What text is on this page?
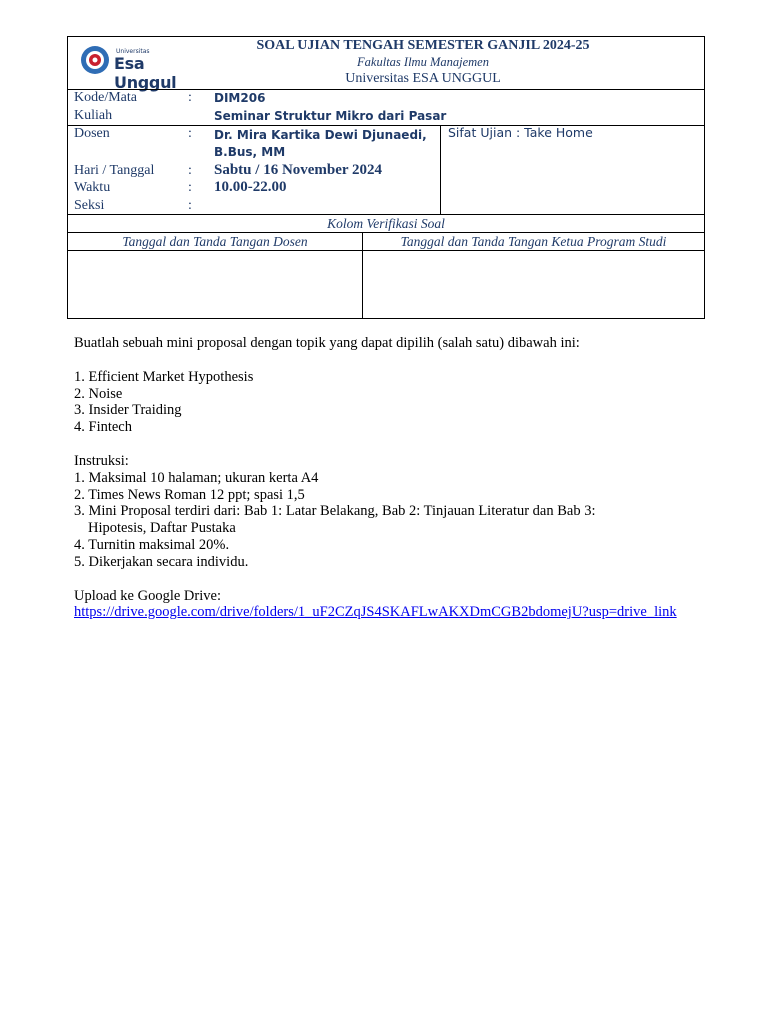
Universitas
Esa Unggul
SOAL UJIAN TENGAH SEMESTER GANJIL 2024-25
Fakultas Ilmu Manajemen
Universitas ESA UNGGUL
Kode/Mata
Kuliah
: DIM206
Seminar Struktur Mikro dari Pasar
Dosen	: Dr. Mira Kartika Dewi Djunaedi,
B.Bus, MM
Hari / Tanggal : Sabtu / 16 November 2024
Waktu	: 10.00-22.00
Seksi	:
Sifat Ujian : Take Home
Kolom Verifikasi Soal
Tanggal dan Tanda Tangan Dosen	Tanggal dan Tanda Tangan Ketua Program Studi

Buatlah sebuah mini proposal dengan topik yang dapat dipilih (salah satu) dibawah ini:

1. Efficient Market Hypothesis

2. Noise

3. Insider Traiding

4. Fintech

Instruksi:

1. Maksimal 10 halaman; ukuran kerta A4

2. Times News Roman 12 ppt; spasi 1,5

3. Mini Proposal terdiri dari: Bab 1: Latar Belakang, Bab 2: Tinjauan Literatur dan Bab 3:

Hipotesis, Daftar Pustaka

4. Turnitin maksimal 20%.

5. Dikerjakan secara individu.

Upload ke Google Drive:

https://drive.google.com/drive/folders/1_uF2CZqJS4SKAFLwAKXDmCGB2bdomejU?usp=drive_link
